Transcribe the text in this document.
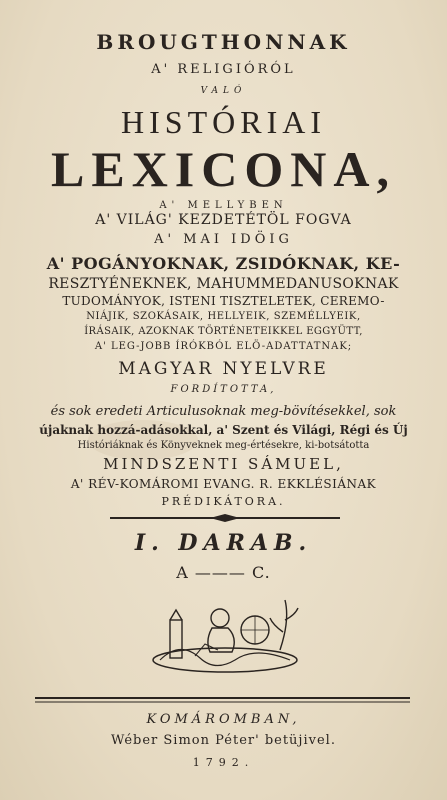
BROUGTHONNAK

A' RELIGIÓRÓL

VALÓ

HISTÓRIAI

LEXICONA,

A' MELLYBEN

A' VILÁG' KEZDETÉTÖL FOGVA

A' MAI IDÖIG

A' POGÁNYOKNAK, ZSIDÓKNAK, KE-

RESZTYÉNEKNEK, MAHUMMEDANUSOKNAK

TUDOMÁNYOK, ISTENI TISZTELETEK, CEREMO-

NIÁJIK, SZOKÁSAIK, HELLYEIK, SZEMÉLLYEIK,

ÍRÁSAIK, AZOKNAK TÖRTÉNETEIKKEL EGGYÜTT,

A' LEG-JOBB ÍRÓKBÓL ELÖ-ADATTATNAK;

MAGYAR NYELVRE

FORDÍTOTTA,

és sok eredeti Articulusoknak meg-bövítésekkel, sok

újaknak hozzá-adásokkal, a' Szent és Világi, Régi és Új

Históriáknak és Könyveknek meg-értésekre, ki-botsátotta

MINDSZENTI SÁMUEL,

A' RÉV-KOMÁROMI EVANG. R. EKKLÉSIÁNAK

PRÉDIKÁTORA.

I. DARAB.

A ——— C.

KOMÁROMBAN,

Wéber Simon Péter' betüjivel.

1792.
